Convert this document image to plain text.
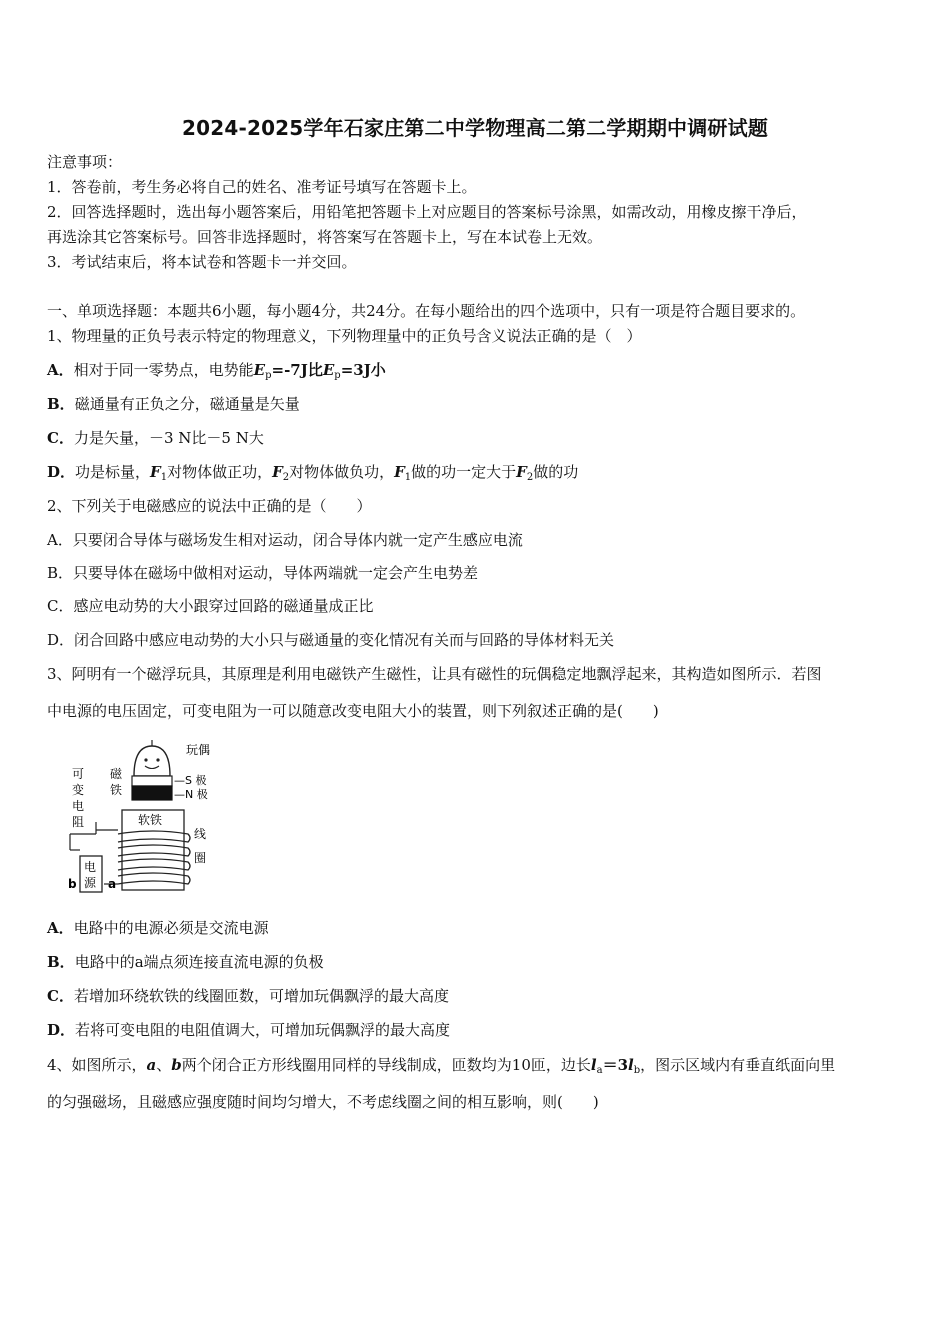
2024-2025学年石家庄第二中学物理高二第二学期期中调研试题
注意事项：
1．答卷前，考生务必将自己的姓名、准考证号填写在答题卡上。
2．回答选择题时，选出每小题答案后，用铅笔把答题卡上对应题目的答案标号涂黑，如需改动，用橡皮擦干净后，
再选涂其它答案标号。回答非选择题时，将答案写在答题卡上，写在本试卷上无效。
3．考试结束后，将本试卷和答题卡一并交回。
一、单项选择题：本题共6小题，每小题4分，共24分。在每小题给出的四个选项中，只有一项是符合题目要求的。
1、物理量的正负号表示特定的物理意义，下列物理量中的正负号含义说法正确的是（　）
A．相对于同一零势点，电势能$E_p=-7J$比$E_p=3J$小
B．磁通量有正负之分，磁通量是矢量
C．力是矢量，－3 N比－5 N大
D．功是标量，$F_1$对物体做正功，$F_2$对物体做负功，$F_1$做的功一定大于$F_2$做的功
2、下列关于电磁感应的说法中正确的是（　　）
A．只要闭合导体与磁场发生相对运动，闭合导体内就一定产生感应电流
B．只要导体在磁场中做相对运动，导体两端就一定会产生电势差
C．感应电动势的大小跟穿过回路的磁通量成正比
D．闭合回路中感应电动势的大小只与磁通量的变化情况有关而与回路的导体材料无关
3、阿明有一个磁浮玩具，其原理是利用电磁铁产生磁性，让具有磁性的玩偶稳定地飘浮起来，其构造如图所示．若图
中电源的电压固定，可变电阻为一可以随意改变电阻大小的装置，则下列叙述正确的是(　　)
玩偶
磁
铁
—S 极
—N 极
软铁
线
圈
可
变
电
阻
电
源
b	a
A．电路中的电源必须是交流电源
B．电路中的a端点须连接直流电源的负极
C．若增加环绕软铁的线圈匝数，可增加玩偶飘浮的最大高度
D．若将可变电阻的电阻值调大，可增加玩偶飘浮的最大高度
4、如图所示，a、b两个闭合正方形线圈用同样的导线制成，匝数均为10匝，边长$l_a=3l_b$，图示区域内有垂直纸面向里
的匀强磁场，且磁感应强度随时间均匀增大，不考虑线圈之间的相互影响，则(　　)
